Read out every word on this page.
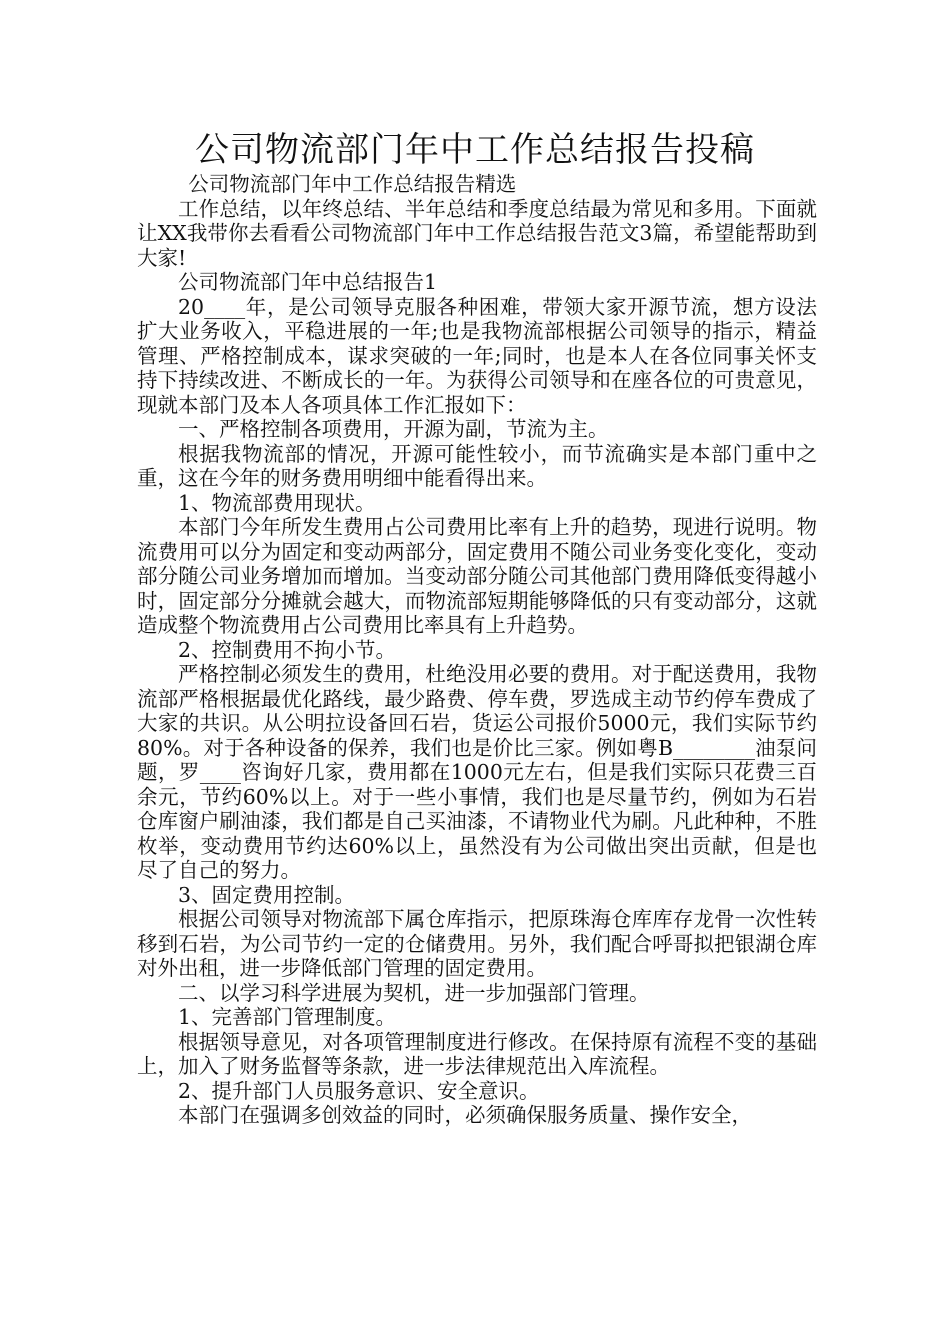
公司物流部门年中工作总结报告投稿

公司物流部门年中工作总结报告精选

工作总结，以年终总结、半年总结和季度总结最为常见和多用。下面就让XX我带你去看看公司物流部门年中工作总结报告范文3篇，希望能帮助到大家!

公司物流部门年中总结报告1

20____年，是公司领导克服各种困难，带领大家开源节流，想方设法扩大业务收入，平稳进展的一年;也是我物流部根据公司领导的指示，精益管理、严格控制成本，谋求突破的一年;同时，也是本人在各位同事关怀支持下持续改进、不断成长的一年。为获得公司领导和在座各位的可贵意见，现就本部门及本人各项具体工作汇报如下：

一、严格控制各项费用，开源为副，节流为主。

根据我物流部的情况，开源可能性较小，而节流确实是本部门重中之重，这在今年的财务费用明细中能看得出来。

1、物流部费用现状。

本部门今年所发生费用占公司费用比率有上升的趋势，现进行说明。物流费用可以分为固定和变动两部分，固定费用不随公司业务变化变化，变动部分随公司业务增加而增加。当变动部分随公司其他部门费用降低变得越小时，固定部分分摊就会越大，而物流部短期能够降低的只有变动部分，这就造成整个物流费用占公司费用比率具有上升趋势。

2、控制费用不拘小节。

严格控制必须发生的费用，杜绝没用必要的费用。对于配送费用，我物流部严格根据最优化路线，最少路费、停车费，罗选成主动节约停车费成了大家的共识。从公明拉设备回石岩，货运公司报价5000元，我们实际节约80%。对于各种设备的保养，我们也是价比三家。例如粤B________油泵问题，罗____咨询好几家，费用都在1000元左右，但是我们实际只花费三百余元，节约60%以上。对于一些小事情，我们也是尽量节约，例如为石岩仓库窗户刷油漆，我们都是自己买油漆，不请物业代为刷。凡此种种，不胜枚举，变动费用节约达60%以上，虽然没有为公司做出突出贡献，但是也尽了自己的努力。

3、固定费用控制。

根据公司领导对物流部下属仓库指示，把原珠海仓库库存龙骨一次性转移到石岩，为公司节约一定的仓储费用。另外，我们配合呼哥拟把银湖仓库对外出租，进一步降低部门管理的固定费用。

二、以学习科学进展为契机，进一步加强部门管理。

1、完善部门管理制度。

根据领导意见，对各项管理制度进行修改。在保持原有流程不变的基础上，加入了财务监督等条款，进一步法律规范出入库流程。

2、提升部门人员服务意识、安全意识。

本部门在强调多创效益的同时，必须确保服务质量、操作安全，
